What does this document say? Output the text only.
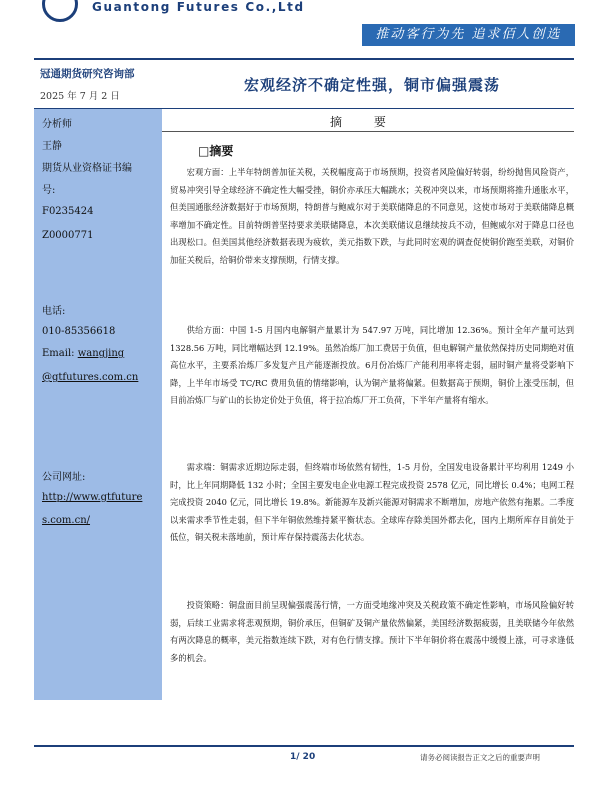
Guantong Futures Co.,Ltd
推动客行为先 追求佰人创选
冠通期货研究咨询部
2025 年 7 月 2 日
宏观经济不确定性强，铜市偏强震荡
分析师
王静
期货从业资格证书编
号:
F0235424
Z0000771
电话:
010-85356618
Email: wangjing
@gtfutures.com.cn
公司网址:
http://www.gtfuture
s.com.cn/
摘 要
□摘要

宏观方面：上半年特朗普加征关税，关税幅度高于市场预期，投资者风险偏好转弱，纷纷抛售风险资产，贸易冲突引导全球经济不确定性大幅受挫，铜价亦承压大幅跳水；关税冲突以来，市场预期将推升通胀水平，但美国通胀经济数据好于市场预期，特朗普与鲍威尔对于美联储降息的不同意见，这使市场对于美联储降息概率增加不确定性。目前特朗普坚持要求美联储降息，本次美联储议息继续按兵不动，但鲍威尔对于降息口径也出现松口。但美国其他经济数据表现为疲软，美元指数下跌，与此同时宏观的调查促使铜价跑至美联，对铜价加征关税后，给铜价带来支撑预期，行情支撑。

供给方面：中国 1-5 月国内电解铜产量累计为 547.97 万吨，同比增加 12.36%。预计全年产量可达到 1328.56 万吨，同比增幅达到 12.19%。虽然冶炼厂加工费居于负值，但电解铜产量依然保持历史同期绝对值高位水平，主要系冶炼厂多发复产且产能逐渐投放。6月份冶炼厂产能利用率将走弱，届时铜产量将受影响下降，上半年市场受 TC/RC 费用负值的情绪影响，认为铜产量将偏紧。但数据高于预期，铜价上涨受压制，但目前冶炼厂与矿山的长协定价处于负值，将于拉冶炼厂开工负荷，下半年产量将有缩水。

需求端：铜需求近期边际走弱，但终端市场依然有韧性，1-5 月份，全国发电设备累计平均利用 1249 小时，比上年同期降低 132 小时；全国主要发电企业电源工程完成投资 2578 亿元，同比增长 0.4%；电网工程完成投资 2040 亿元，同比增长 19.8%。新能源车及新兴能源对铜需求不断增加，房地产依然有拖累。二季度以来需求季节性走弱，但下半年铜依然维持紧平衡状态。全球库存除美国外都去化，国内上期所库存目前处于低位，铜关税未落地前，预计库存保持震荡去化状态。

投资策略：铜盘面目前呈现偏强震荡行情，一方面受地缘冲突及关税政策不确定性影响，市场风险偏好转弱，后续工业需求将悲观预期，铜价承压，但铜矿及铜产量依然偏紧，美国经济数据疲弱，且美联储今年依然有两次降息的概率，美元指数连续下跌，对有色行情支撑。预计下半年铜价将在震荡中缓慢上涨，可寻求逢低多的机会。

1/ 20	请务必阅读报告正文之后的重要声明
